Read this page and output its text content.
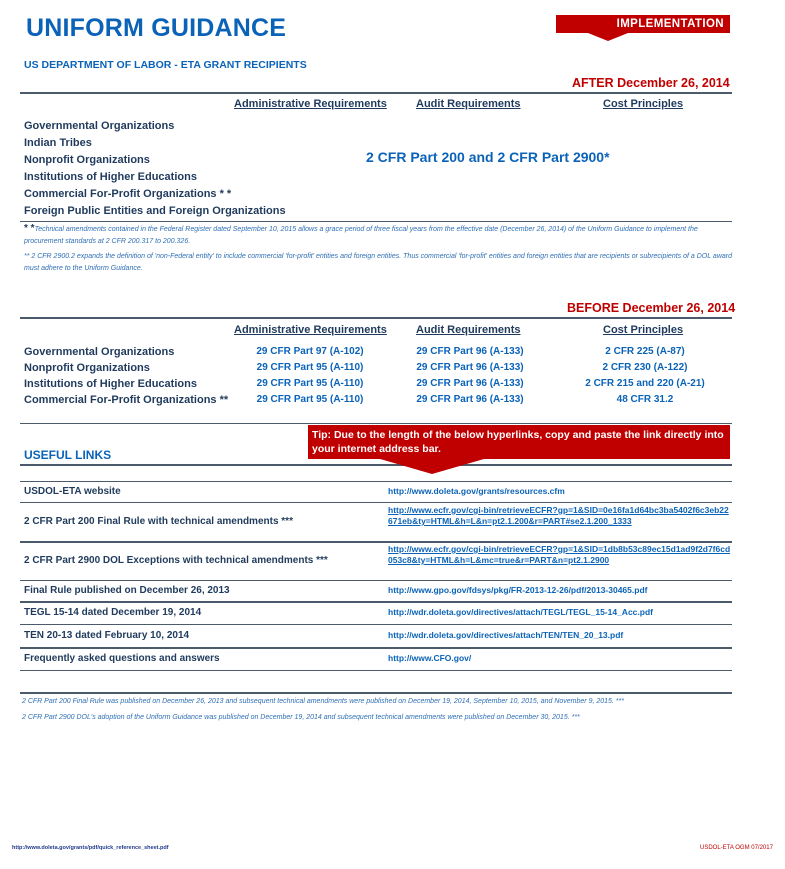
UNIFORM GUIDANCE
US DEPARTMENT OF LABOR - ETA GRANT RECIPIENTS
IMPLEMENTATION
AFTER December 26, 2014
Administrative Requirements	Audit Requirements	Cost Principles
Governmental Organizations
Indian Tribes
Nonprofit Organizations
Institutions of Higher Educations
Commercial For-Profit Organizations * *
Foreign Public Entities and Foreign Organizations
2 CFR Part 200 and 2 CFR Part 2900*
* *Technical amendments contained in the Federal Register dated September 10, 2015 allows a grace period of three fiscal years from the effective date (December 26, 2014) of the Uniform Guidance to implement the procurement standards at 2 CFR 200.317 to 200.326.
** 2 CFR 2900.2 expands the definition of 'non-Federal entity' to include commercial 'for-profit' entities and foreign entities. Thus commercial 'for-profit' entities and foreign entities that are recipients or subrecipients of a DOL award must adhere to the Uniform Guidance.
BEFORE December 26, 2014
Administrative Requirements	Audit Requirements	Cost Principles
Governmental Organizations	29 CFR Part 97 (A-102)	29 CFR Part 96 (A-133)	2 CFR 225 (A-87)
Nonprofit Organizations	29 CFR Part 95 (A-110)	29 CFR Part 96 (A-133)	2 CFR 230 (A-122)
Institutions of Higher Educations	29 CFR Part 95 (A-110)	29 CFR Part 96 (A-133)	2 CFR 215 and 220 (A-21)
Commercial For-Profit Organizations **	29 CFR Part 95 (A-110)	29 CFR Part 96 (A-133)	48 CFR 31.2
USEFUL LINKS
Tip: Due to the length of the below hyperlinks, copy and paste the link directly into your internet address bar.
USDOL-ETA website	http://www.doleta.gov/grants/resources.cfm
2 CFR Part 200 Final Rule with technical amendments ***
http://www.ecfr.gov/cgi-bin/retrieveECFR?gp=1&SID=0e16fa1d64bc3ba5402f6c3eb22671eb&ty=HTML&h=L&n=pt2.1.200&r=PART#se2.1.200_1333
2 CFR Part 2900 DOL Exceptions with technical amendments ***
http://www.ecfr.gov/cgi-bin/retrieveECFR?gp=1&SID=1db8b53c89ec15d1ad9f2d7f6cd053c8&ty=HTML&h=L&mc=true&r=PART&n=pt2.1.2900
Final Rule published on December 26, 2013	http://www.gpo.gov/fdsys/pkg/FR-2013-12-26/pdf/2013-30465.pdf
TEGL 15-14 dated December 19, 2014	http://wdr.doleta.gov/directives/attach/TEGL/TEGL_15-14_Acc.pdf
TEN 20-13 dated February 10, 2014	http://wdr.doleta.gov/directives/attach/TEN/TEN_20_13.pdf
Frequently asked questions and answers	http://www.CFO.gov/
2 CFR Part 200 Final Rule was published on December 26, 2013 and subsequent technical amendments were published on December 19, 2014, September 10, 2015, and November 9, 2015. ***
2 CFR Part 2900 DOL's adoption of the Uniform Guidance was published on December 19, 2014 and subsequent technical amendments were published on December 30, 2015. ***
http://www.doleta.gov/grants/pdf/quick_reference_sheet.pdf	USDOL-ETA OGM 07/2017
